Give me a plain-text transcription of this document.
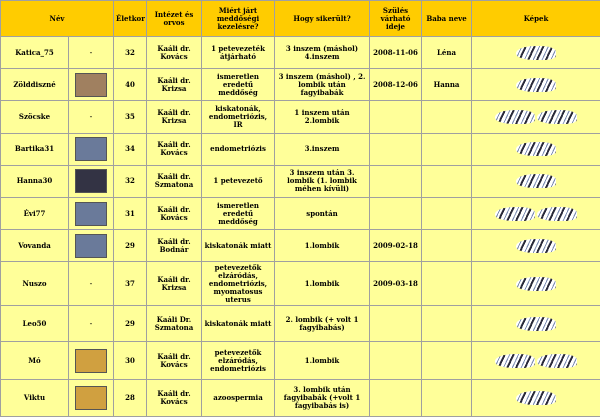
Név		Életkor	Intézet és orvos	Miért járt meddőségi kezelésre?	Hogy sikerült?	Szülés várható ideje	Baba neve	Képek
Katica_75	-	32	Kaáli dr. Kovács	1 petevezeték átjárható	3 inszem (máshol) 4.inszem	2008-11-06	Léna	
Zölddiszné		40	Kaáli dr. Krizsa	ismeretlen eredetű meddőség	3 inszem (máshol) , 2. lombik után fagyibabák	2008-12-06	Hanna	
Szöcske	-	35	Kaáli dr. Krizsa	kiskatonák, endometriózis, IR	1 inszem után 2.lombik			
Bartika31		34	Kaáli dr. Kovács	endometriózis	3.inszem			
Hanna30		32	Kaáli dr. Szmatona	1 petevezető	3 inszem után 3. lombik (1. lombik méhen kívüli)			
Évi77		31	Kaáli dr. Kovács	ismeretlen eredetű meddőség	spontán			
Vovanda		29	Kaáli dr. Bodnár	kiskatonák miatt	1.lombik	2009-02-18		
Nuszo	-	37	Kaáli dr. Krizsa	petevezetők elzáródás, endometriózis, myomatosus uterus	1.lombik	2009-03-18		
Leo50	-	29	Kaáli Dr. Szmatona	kiskatonák miatt	2. lombik (+ volt 1 fagyibabás)			
Mó		30	Kaáli dr. Kovács	petevezetők elzáródás, endometriózis	1.lombik			
Viktu		28	Kaáli dr. Kovács	azoospermia	3. lombik után fagyibabák (+volt 1 fagyibabás is)			
